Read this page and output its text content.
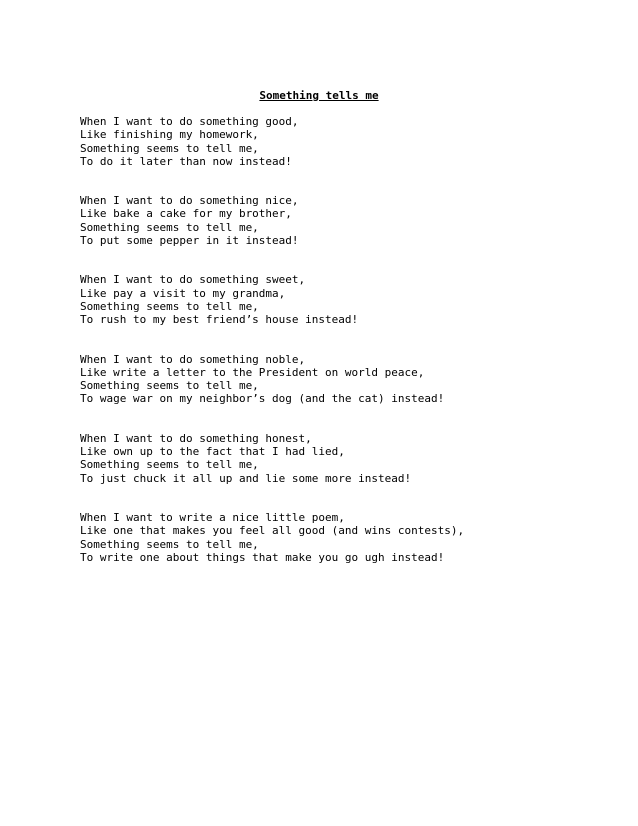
Something tells me
When I want to do something good,
Like finishing my homework,
Something seems to tell me,
To do it later than now instead!
When I want to do something nice,
Like bake a cake for my brother,
Something seems to tell me,
To put some pepper in it instead!
When I want to do something sweet,
Like pay a visit to my grandma,
Something seems to tell me,
To rush to my best friend’s house instead!
When I want to do something noble,
Like write a letter to the President on world peace,
Something seems to tell me,
To wage war on my neighbor’s dog (and the cat) instead!
When I want to do something honest,
Like own up to the fact that I had lied,
Something seems to tell me,
To just chuck it all up and lie some more instead!
When I want to write a nice little poem,
Like one that makes you feel all good (and wins contests),
Something seems to tell me,
To write one about things that make you go ugh instead!
